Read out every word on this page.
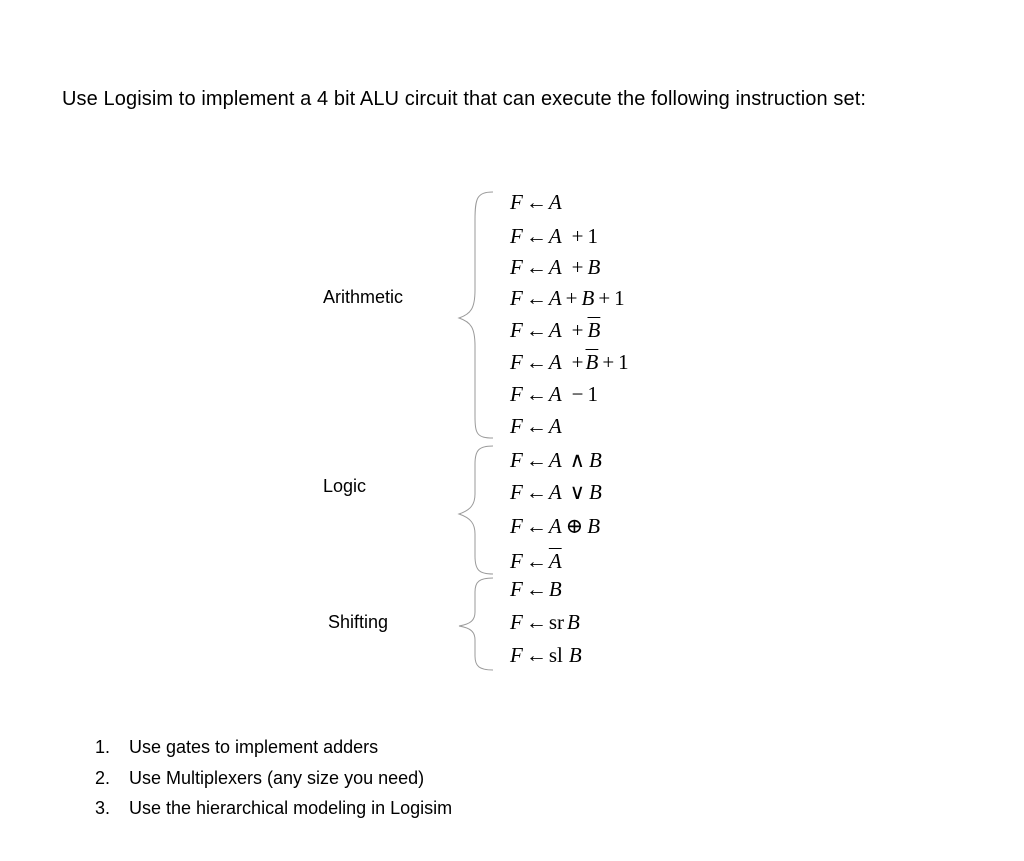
Use Logisim to implement a 4 bit ALU circuit that can execute the following instruction set:
Arithmetic
Logic
Shifting
F ←A
F ←A + 1
F ←A + B
F ←A + B + 1
F ←A + $\overline{B}$
F ←A $+\overline{B} + 1$
F ←A − 1
F ←A
F ←A ∧ B
F ←A ∨ B
F ←A ⊕ B
F $\leftarrow\overline{A}$
F ←B
F ←sr B
F ←sl B
1. Use gates to implement adders
2. Use Multiplexers (any size you need)
3. Use the hierarchical modeling in Logisim
